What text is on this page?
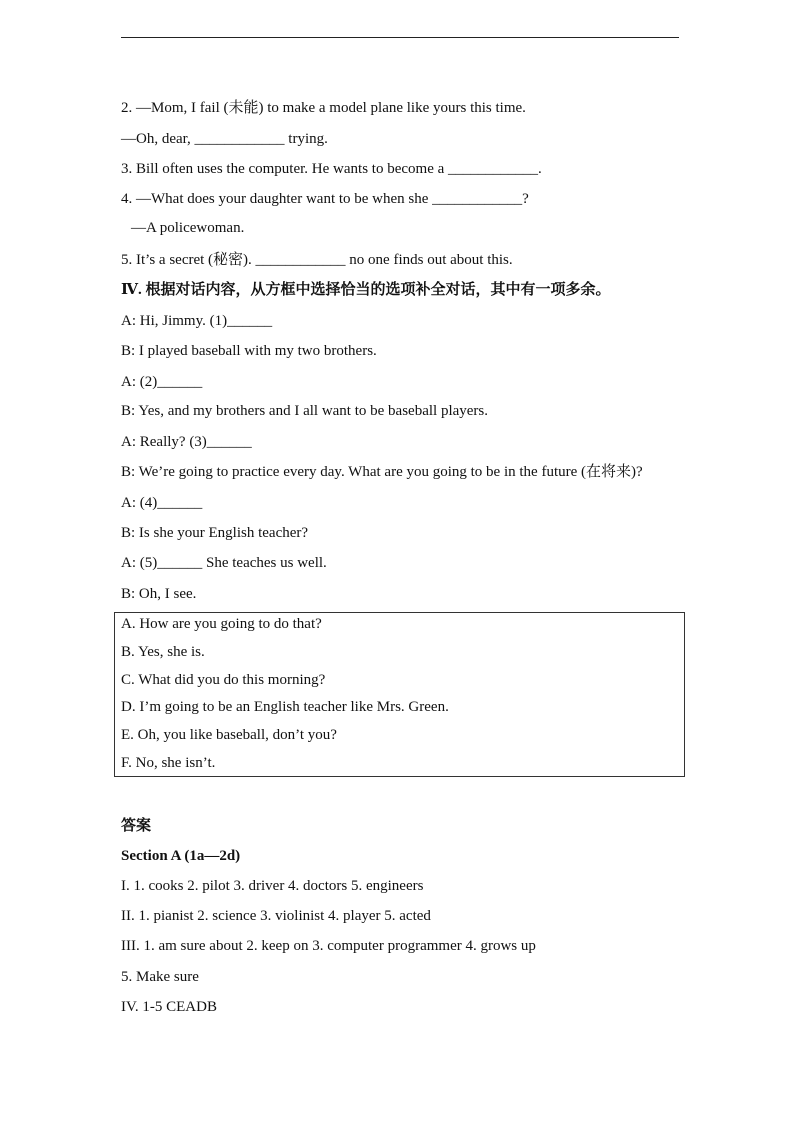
2. —Mom, I fail (未能) to make a model plane like yours this time.
—Oh, dear, ____________ trying.
3. Bill often uses the computer. He wants to become a ____________.
4. —What does your daughter want to be when she ____________?
—A policewoman.
5. It’s a secret (秘密). ____________ no one finds out about this.
Ⅳ. 根据对话内容，从方框中选择恰当的选项补全对话，其中有一项多余。
A: Hi, Jimmy. (1)______
B: I played baseball with my two brothers.
A: (2)______
B: Yes, and my brothers and I all want to be baseball players.
A: Really? (3)______
B: We’re going to practice every day. What are you going to be in the future (在将来)?
A: (4)______
B: Is she your English teacher?
A: (5)______ She teaches us well.
B: Oh, I see.
A. How are you going to do that?
B. Yes, she is.
C. What did you do this morning?
D. I’m going to be an English teacher like Mrs. Green.
E. Oh, you like baseball, don’t you?
F. No, she isn’t.
答案
Section A (1a—2d)
I. 1. cooks 2. pilot 3. driver 4. doctors 5. engineers
II. 1. pianist 2. science 3. violinist 4. player 5. acted
III. 1. am sure about 2. keep on 3. computer programmer 4. grows up
5. Make sure
IV. 1-5 CEADB
